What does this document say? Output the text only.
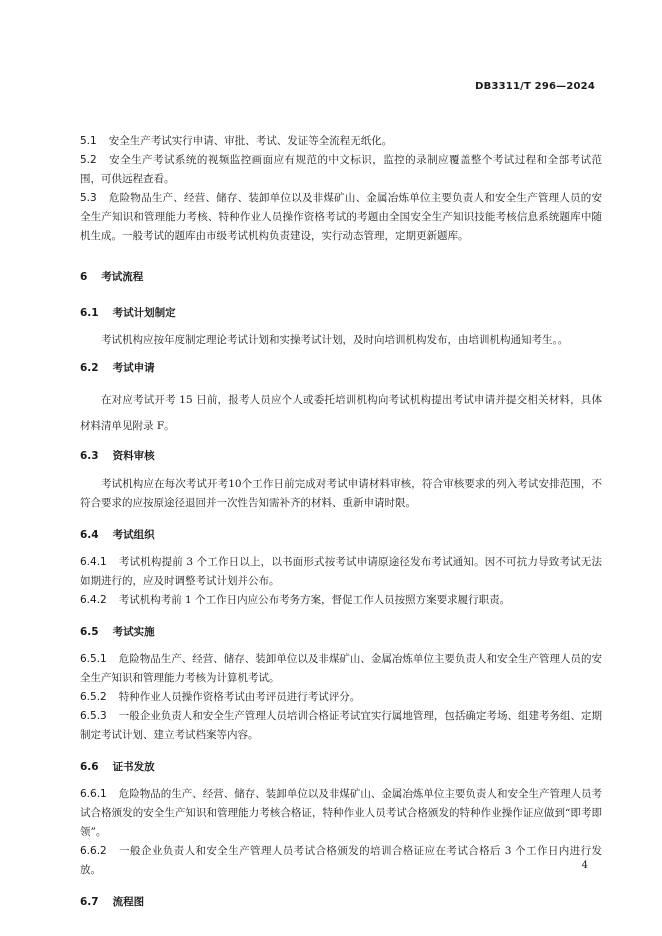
DB3311/T 296—2024

5.1 安全生产考试实行申请、审批、考试、发证等全流程无纸化。

5.2 安全生产考试系统的视频监控画面应有规范的中文标识，监控的录制应覆盖整个考试过程和全部考试范围，可供远程查看。

5.3 危险物品生产、经营、储存、装卸单位以及非煤矿山、金属冶炼单位主要负责人和安全生产管理人员的安全生产知识和管理能力考核、特种作业人员操作资格考试的考题由全国安全生产知识技能考核信息系统题库中随机生成。一般考试的题库由市级考试机构负责建设，实行动态管理，定期更新题库。

6 考试流程

6.1 考试计划制定

考试机构应按年度制定理论考试计划和实操考试计划，及时向培训机构发布，由培训机构通知考生。。

6.2 考试申请

在对应考试开考 15 日前，报考人员应个人或委托培训机构向考试机构提出考试申请并提交相关材料，具体材料清单见附录 F。

6.3 资料审核

考试机构应在每次考试开考10个工作日前完成对考试申请材料审核，符合审核要求的列入考试安排范围，不符合要求的应按原途径退回并一次性告知需补齐的材料、重新申请时限。

6.4 考试组织

6.4.1 考试机构提前 3 个工作日以上，以书面形式按考试申请原途径发布考试通知。因不可抗力导致考试无法如期进行的，应及时调整考试计划并公布。

6.4.2 考试机构考前 1 个工作日内应公布考务方案，督促工作人员按照方案要求履行职责。

6.5 考试实施

6.5.1 危险物品生产、经营、储存、装卸单位以及非煤矿山、金属冶炼单位主要负责人和安全生产管理人员的安全生产知识和管理能力考核为计算机考试。

6.5.2 特种作业人员操作资格考试由考评员进行考试评分。

6.5.3 一般企业负责人和安全生产管理人员培训合格证考试宜实行属地管理，包括确定考场、组建考务组、定期制定考试计划、建立考试档案等内容。

6.6 证书发放

6.6.1 危险物品的生产、经营、储存、装卸单位以及非煤矿山、金属冶炼单位主要负责人和安全生产管理人员考试合格颁发的安全生产知识和管理能力考核合格证，特种作业人员考试合格颁发的特种作业操作证应做到“即考即领”。

6.6.2 一般企业负责人和安全生产管理人员考试合格颁发的培训合格证应在考试合格后 3 个工作日内进行发放。

6.7 流程图

4
